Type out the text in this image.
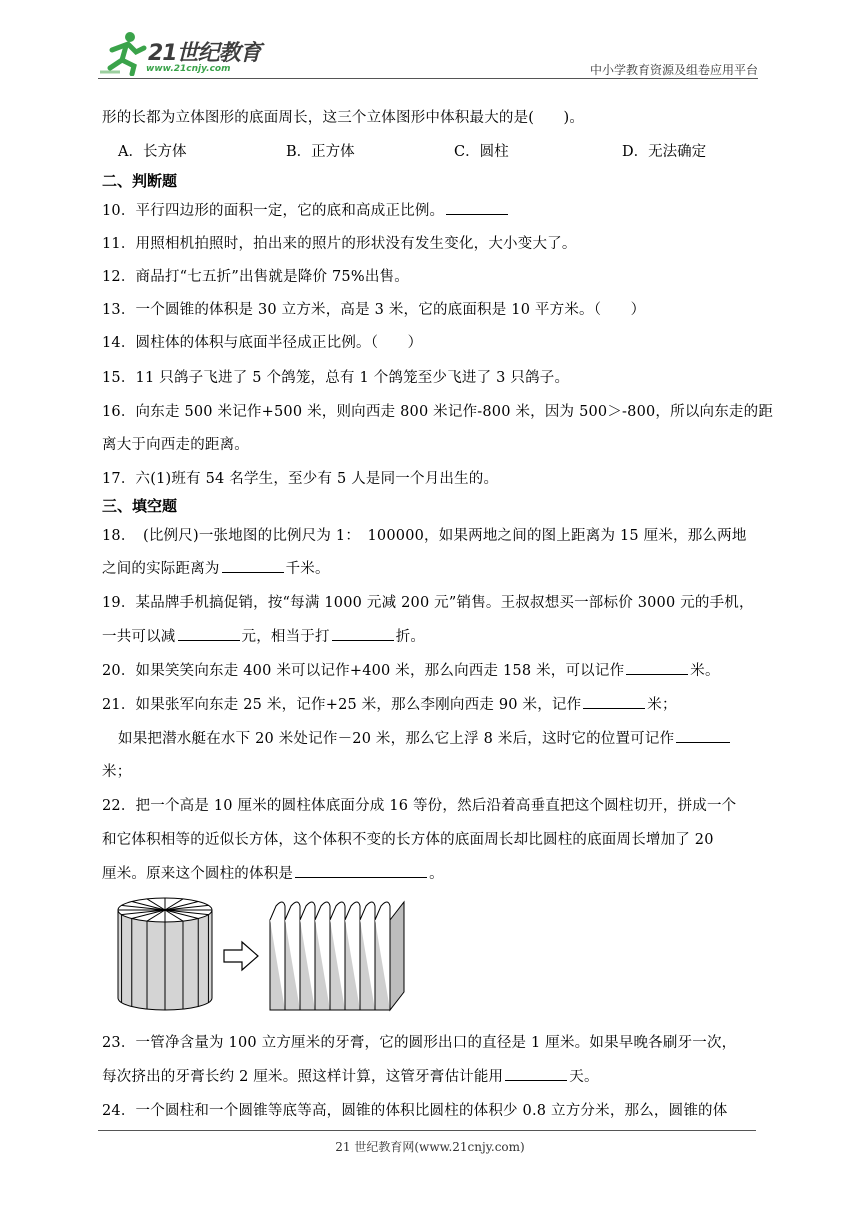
21世纪教育
www.21cnjy.com	中小学教育资源及组卷应用平台
形的长都为立体图形的底面周长，这三个立体图形中体积最大的是(　　)。
A．长方体	B．正方体	C．圆柱	D．无法确定
二、判断题
10．平行四边形的面积一定，它的底和高成正比例。
11．用照相机拍照时，拍出来的照片的形状没有发生变化，大小变大了。
12．商品打“七五折”出售就是降价 75%出售。
13．一个圆锥的体积是 30 立方米，高是 3 米，它的底面积是 10 平方米。（　　）
14．圆柱体的体积与底面半径成正比例。（　　）
15．11 只鸽子飞进了 5 个鸽笼，总有 1 个鸽笼至少飞进了 3 只鸽子。
16．向东走 500 米记作+500 米，则向西走 800 米记作-800 米，因为 500＞-800，所以向东走的距
离大于向西走的距离。
17．六(1)班有 54 名学生，至少有 5 人是同一个月出生的。
三、填空题
18．　(比例尺)一张地图的比例尺为 1：　100000，如果两地之间的图上距离为 15 厘米，那么两地
之间的实际距离为	千米。
19．某品牌手机搞促销，按“每满 1000 元减 200 元”销售。王叔叔想买一部标价 3000 元的手机，
一共可以减	元，相当于打	折。
20．如果笑笑向东走 400 米可以记作+400 米，那么向西走 158 米，可以记作	米。
21．如果张军向东走 25 米，记作+25 米，那么李刚向西走 90 米，记作	米；
如果把潜水艇在水下 20 米处记作－20 米，那么它上浮 8 米后，这时它的位置可记作
米；
22．把一个高是 10 厘米的圆柱体底面分成 16 等份，然后沿着高垂直把这个圆柱切开，拼成一个
和它体积相等的近似长方体，这个体积不变的长方体的底面周长却比圆柱的底面周长增加了 20
厘米。原来这个圆柱的体积是	。
23．一管净含量为 100 立方厘米的牙膏，它的圆形出口的直径是 1 厘米。如果早晚各刷牙一次，
每次挤出的牙膏长约 2 厘米。照这样计算，这管牙膏估计能用	天。
24．一个圆柱和一个圆锥等底等高，圆锥的体积比圆柱的体积少 0.8 立方分米，那么，圆锥的体
21 世纪教育网(www.21cnjy.com)
